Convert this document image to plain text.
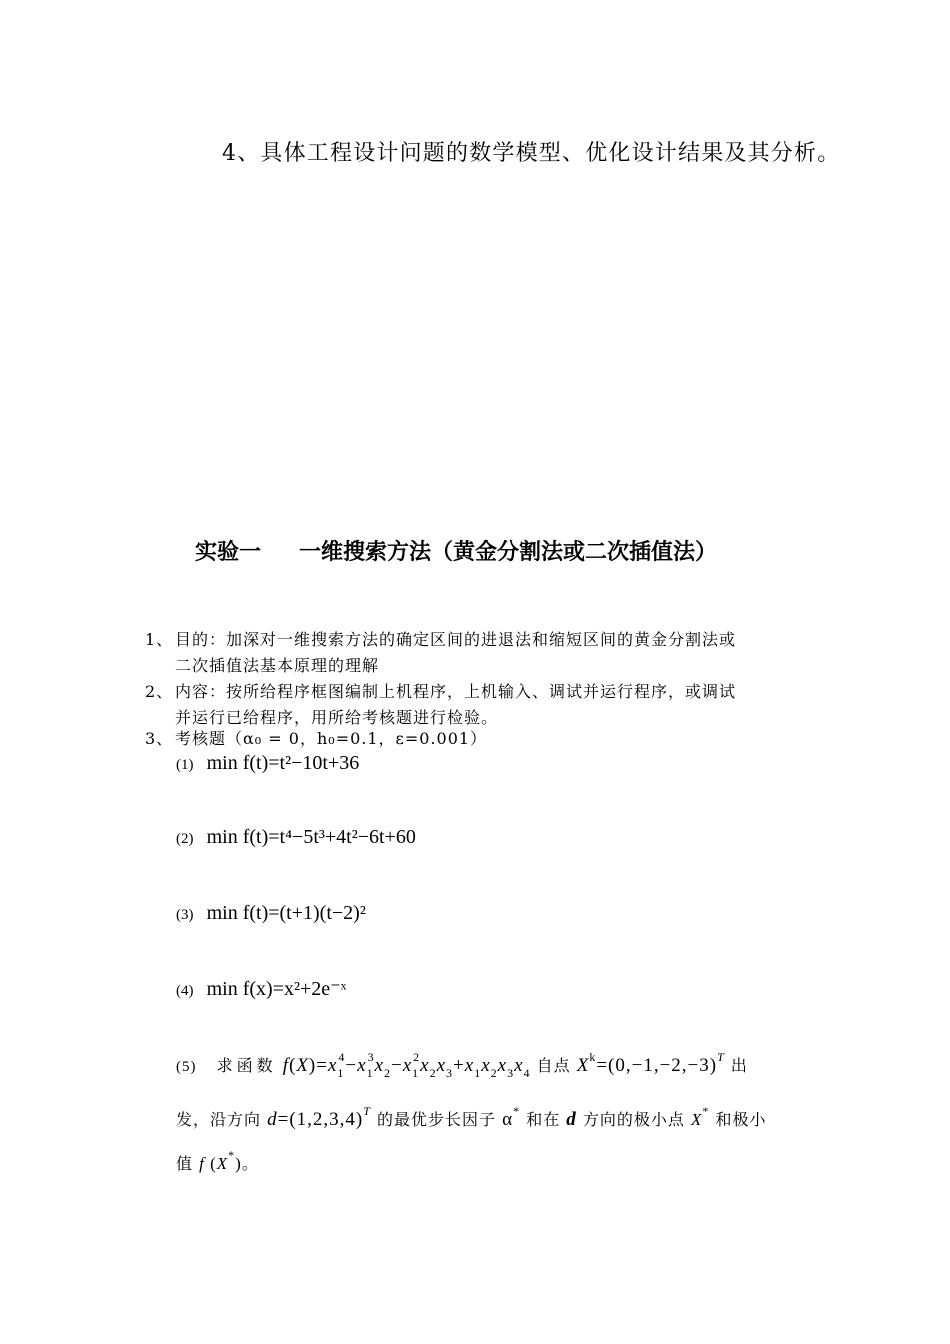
4、具体工程设计问题的数学模型、优化设计结果及其分析。
实验一 一维搜索方法（黄金分割法或二次插值法）
1、 目的：加深对一维搜索方法的确定区间的进退法和缩短区间的黄金分割法或
二次插值法基本原理的理解
2、 内容：按所给程序框图编制上机程序，上机输入、调试并运行程序，或调试
并运行已给程序，用所给考核题进行检验。
3、 考核题（α₀ = 0，h₀=0.1，ε=0.001）
(1) min f(t)=t²−10t+36
(2) min f(t)=t⁴−5t³+4t²−6t+60
(3) min f(t)=(t+1)(t−2)²
(4) min f(x)=x²+2e⁻ˣ
(5) 求函数 $f(X)=x_1^4-x_1^3x_2-x_1^2x_2x_3+x_1x_2x_3x_4$ 自点 $X^k=(0,-1,-2,-3)^T$ 出
发，沿方向 $d=(1,2,3,4)^T$ 的最优步长因子 α* 和在 d 方向的极小点 X* 和极小
值 f (X*)。
